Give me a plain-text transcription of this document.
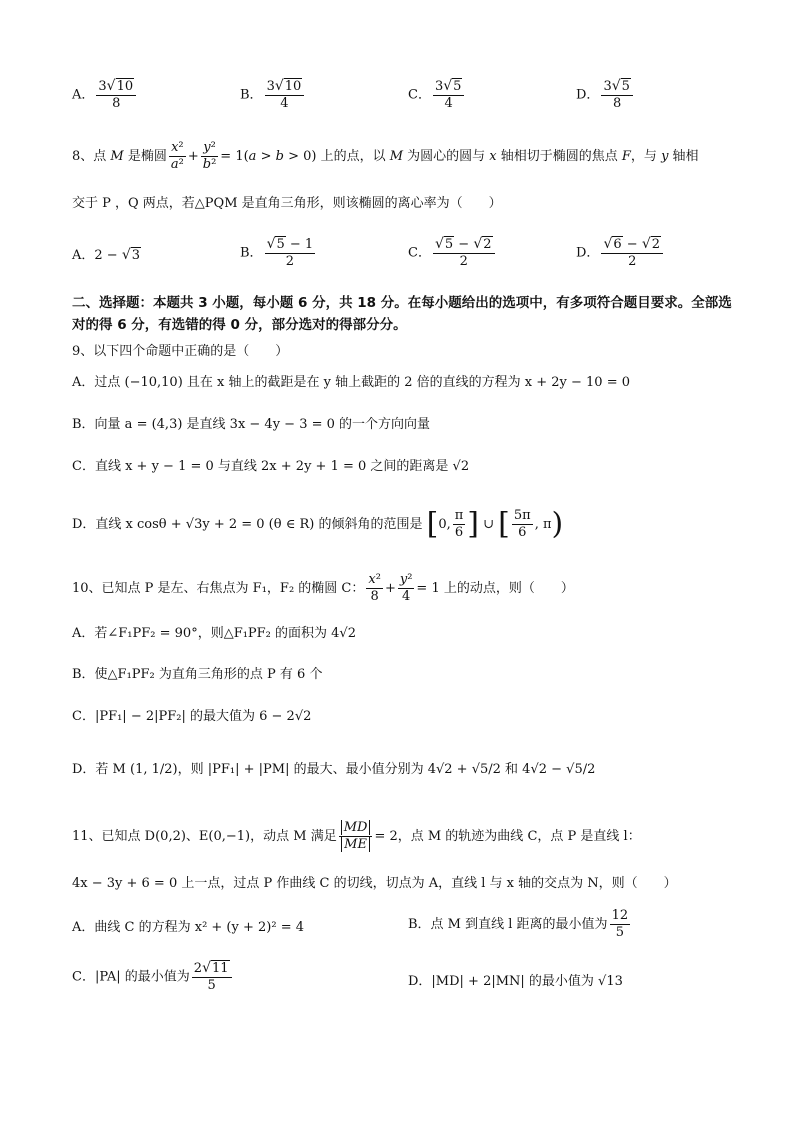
A． $\frac{3√10}{8}$	B． $\frac{3√10}{4}$	C． $\frac{3√5}{4}$	D． $\frac{3√5}{8}$
8、点 M 是椭圆 $\frac{\text{x²}}{\text{a²}} + \frac{\text{y²}}{\text{b²}} = 1(a > b > 0)$ 上的点，以 M 为圆心的圆与 x 轴相切于椭圆的焦点 F，与 y 轴相
交于 P ，Q 两点，若△PQM 是直角三角形，则该椭圆的离心率为（　　）
A．2 − √3	B． $\frac{√5 - 1}{2}$	C． $\frac{√5 - √2}{2}$	D． $\frac{√6 - √2}{2}$
二、选择题：本题共 3 小题，每小题 6 分，共 18 分。在每小题给出的选项中，有多项符合题目要求。全部选对的得 6 分，有选错的得 0 分，部分选对的得部分分。
9、以下四个命题中正确的是（　　）
A．过点 (−10,10) 且在 x 轴上的截距是在 y 轴上截距的 2 倍的直线的方程为 x + 2y − 10 = 0
B．向量 a = (4,3) 是直线 3x − 4y − 3 = 0 的一个方向向量
C．直线 x + y − 1 = 0 与直线 2x + 2y + 1 = 0 之间的距离是 √2
D．直线 x cosθ + √3y + 2 = 0 (θ ∈ R) 的倾斜角的范围是 [0, $\frac{\pi}{6}$ ] ∪ [ $\frac{5\pi}{6}$ , π)
10、已知点 P 是左、右焦点为 F₁，F₂ 的椭圆 C： $\frac{\text{x²}}{8} + \frac{\text{y²}}{4} = 1$ 上的动点，则（　　）
A．若∠F₁PF₂ = 90°，则△F₁PF₂ 的面积为 4√2
B．使△F₁PF₂ 为直角三角形的点 P 有 6 个
C．|PF₁| − 2|PF₂| 的最大值为 6 − 2√2
D．若 M (1, 1/2)，则 |PF₁| + |PM| 的最大、最小值分别为 4√2 + √5/2 和 4√2 − √5/2
11、已知点 D(0,2)、E(0,−1)，动点 M 满足 $\frac{MD}{ME} = 2$，点 M 的轨迹为曲线 C，点 P 是直线 l：
4x − 3y + 6 = 0 上一点，过点 P 作曲线 C 的切线，切点为 A，直线 l 与 x 轴的交点为 N，则（　　）
A．曲线 C 的方程为 x² + (y + 2)² = 4	B．点 M 到直线 l 距离的最小值为 $\frac{12}{5}$
C．|PA| 的最小值为 $\frac{2√11}{5}$	D．|MD| + 2|MN| 的最小值为 √13
